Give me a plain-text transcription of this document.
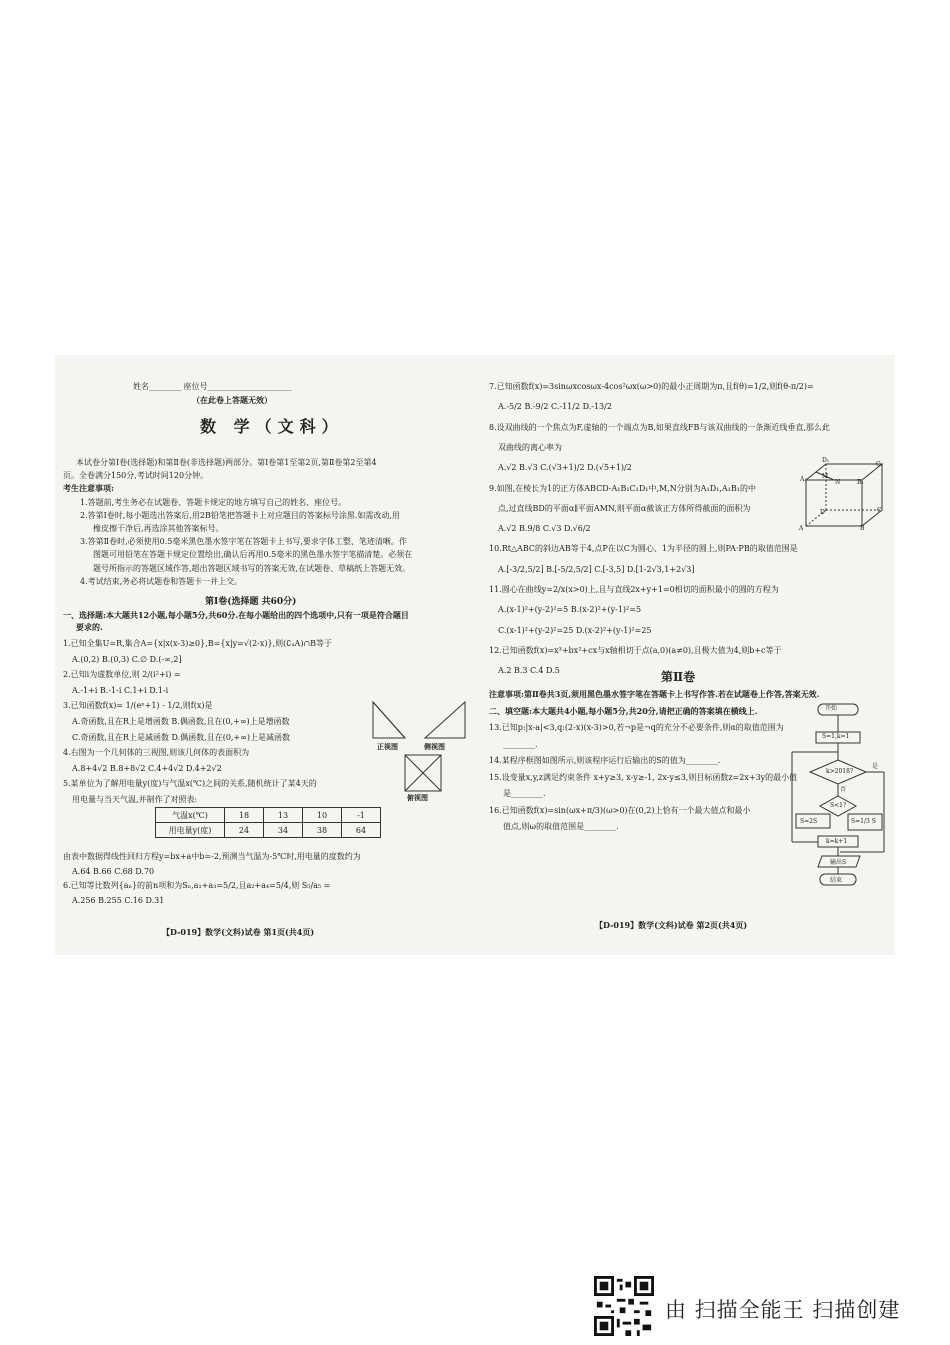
姓名________ 座位号_____________________
（在此卷上答题无效）
数 学（文科）
本试卷分第Ⅰ卷(选择题)和第Ⅱ卷(非选择题)两部分。第Ⅰ卷第1至第2页,第Ⅱ卷第2至第4
页。全卷满分150分,考试时间120分钟。
考生注意事项:
1.答题前,考生务必在试题卷、答题卡规定的地方填写自己的姓名、座位号。
2.答第Ⅰ卷时,每小题选出答案后,用2B铅笔把答题卡上对应题目的答案标号涂黑.如需改动,用
橡皮擦干净后,再选涂其他答案标号。
3.答第Ⅱ卷时,必须使用0.5毫米黑色墨水签字笔在答题卡上书写,要求字体工整、笔迹清晰。作
图题可用铅笔在答题卡规定位置绘出,确认后再用0.5毫米的黑色墨水签字笔描清楚。必须在
题号所指示的答题区域作答,超出答题区域书写的答案无效,在试题卷、草稿纸上答题无效。
4.考试结束,务必将试题卷和答题卡一并上交。
第Ⅰ卷(选择题 共60分)
一、选择题:本大题共12小题,每小题5分,共60分.在每小题给出的四个选项中,只有一项是符合题目
要求的.
1.已知全集U=R,集合A={x|x(x-3)≥0},B={x|y=√(2-x)},则(∁ᵤA)∩B等于
A.(0,2) B.(0,3) C.∅ D.(-∞,2]
2.已知i为虚数单位,则 2/(i²+i) =
A.-1+i B.-1-i C.1+i D.1-i
3.已知函数f(x)= 1/(eˣ+1) - 1/2,则f(x)是
A.奇函数,且在R上是增函数 B.偶函数,且在(0,+∞)上是增函数
C.奇函数,且在R上是减函数 D.偶函数,且在(0,+∞)上是减函数
4.右图为一个几何体的三视图,则该几何体的表面积为
A.8+4√2 B.8+8√2 C.4+4√2 D.4+2√2
5.某单位为了解用电量y(度)与气温x(℃)之间的关系,随机统计了某4天的
用电量与当天气温,并制作了对照表:
气温x(℃)	18	13	10	-1
用电量y(度)	24	34	38	64
由表中数据得线性回归方程y=bx+a中b=-2,预测当气温为-5℃时,用电量的度数约为
A.64 B.66 C.68 D.70
6.已知等比数列{aₙ}的前n项和为Sₙ,a₁+a₃=5/2,且a₂+a₄=5/4,则 S₅/a₅ =
A.256 B.255 C.16 D.31
正视图	侧视图
俯视图
【D-019】数学(文科)试卷 第1页(共4页)
7.已知函数f(x)=3sinωxcosωx-4cos²ωx(ω>0)的最小正周期为π,且f(θ)=1/2,则f(θ-π/2)=
A.-5/2 B.-9/2 C.-11/2 D.-13/2
8.设双曲线的一个焦点为F,虚轴的一个端点为B,如果直线FB与该双曲线的一条渐近线垂直,那么此
双曲线的离心率为
A.√2 B.√3 C.(√3+1)/2 D.(√5+1)/2
9.如图,在棱长为1的正方体ABCD-A₁B₁C₁D₁中,M,N分别为A₁D₁,A₁B₁的中
点,过直线BD的平面α∥平面AMN,则平面α截该正方体所得截面的面积为
A.√2 B.9/8 C.√3 D.√6/2
10.Rt△ABC的斜边AB等于4,点P在以C为圆心、1为半径的圆上,则PA·PB的取值范围是
A.[-3/2,5/2] B.[-5/2,5/2] C.[-3,5] D.[1-2√3,1+2√3]
11.圆心在曲线y=2/x(x>0)上,且与直线2x+y+1=0相切的面积最小的圆的方程为
A.(x-1)²+(y-2)²=5 B.(x-2)²+(y-1)²=5
C.(x-1)²+(y-2)²=25 D.(x-2)²+(y-1)²=25
12.已知函数f(x)=x³+bx²+cx与x轴相切于点(a,0)(a≠0),且极大值为4,则b+c等于
A.2 B.3 C.4 D.5
D₁
C₁
A₁	B₁
M
N
D	C
A	B
第Ⅱ卷
注意事项:第Ⅱ卷共3页,须用黑色墨水签字笔在答题卡上书写作答.若在试题卷上作答,答案无效.
二、填空题:本大题共4小题,每小题5分,共20分,请把正确的答案填在横线上.
13.已知p:|x-a|<3,q:(2-x)(x-3)>0,若¬p是¬q的充分不必要条件,则α的取值范围为
________.
14.某程序框图如图所示,则该程序运行后输出的S的值为________.
15.设变量x,y,z满足约束条件 x+y≥3, x-y≥-1, 2x-y≤3,则目标函数z=2x+3y的最小值
是________.
16.已知函数f(x)=sin(ωx+π/3)(ω>0)在(0,2)上恰有一个最大值点和最小
值点,则ω的取值范围是________.
开始
S=1,k=1
k>2018?
是
否
S<1?
S=2S	S=1/3 S
k=k+1
输出S
结束
【D-019】数学(文科)试卷 第2页(共4页)
由 扫描全能王 扫描创建
